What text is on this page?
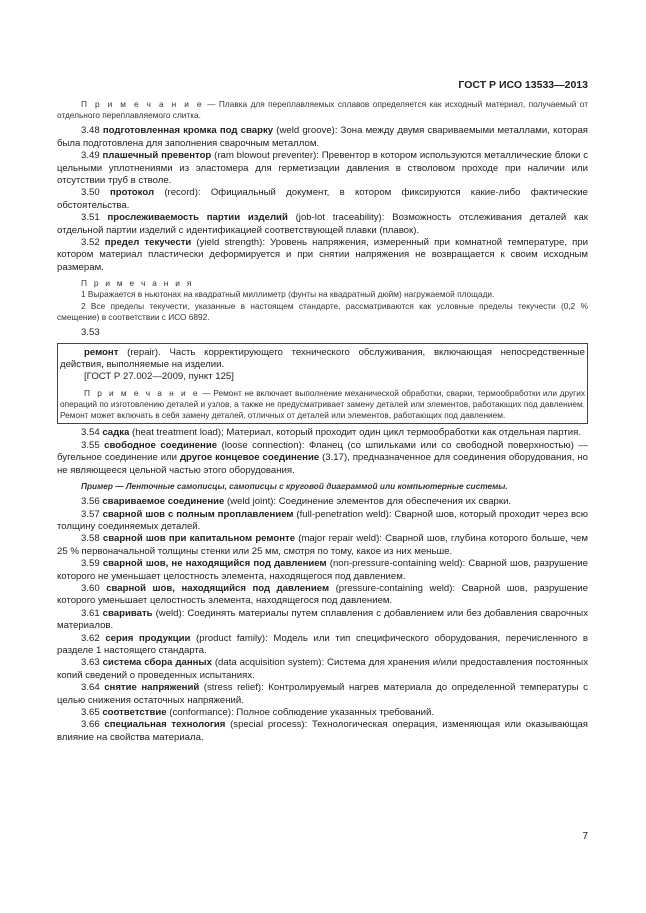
ГОСТ Р ИСО 13533—2013

П р и м е ч а н и е — Плавка для переплавляемых сплавов определяется как исходный материал, получаемый от отдельного переплавляемого слитка.

3.48 подготовленная кромка под сварку (weld groove): Зона между двумя свариваемыми металлами, которая была подготовлена для заполнения сварочным металлом.

3.49 плашечный превентор (ram blowout preventer): Превентор в котором используются металлические блоки с цельными уплотнениями из эластомера для герметизации давления в стволовом проходе при наличии или отсутствии труб в стволе.

3.50 протокол (record): Официальный документ, в котором фиксируются какие-либо фактические обстоятельства.

3.51 прослеживаемость партии изделий (job-lot traceability): Возможность отслеживания деталей как отдельной партии изделий с идентификацией соответствующей плавки (плавок).

3.52 предел текучести (yield strength): Уровень напряжения, измеренный при комнатной температуре, при котором материал пластически деформируется и при снятии напряжения не возвращается к своим исходным размерам.

П р и м е ч а н и я

1 Выражается в ньютонах на квадратный миллиметр (фунты на квадратный дюйм) нагружаемой площади.

2 Все пределы текучести, указанные в настоящем стандарте, рассматриваются как условные пределы текучести (0,2 % смещение) в соответствии с ИСО 6892.

3.53

ремонт (repair). Часть корректирующего технического обслуживания, включающая непосредственные действия, выполняемые на изделии.

[ГОСТ Р 27.002—2009, пункт 125]

П р и м е ч а н и е — Ремонт не включает выполнение механической обработки, сварки, термообработки или других операций по изготовлению деталей и узлов, а также не предусматривает замену деталей или элементов, работающих под давлением. Ремонт может включать в себя замену деталей, отличных от деталей или элементов, работающих под давлением.

3.54 садка (heat treatment load); Материал, который проходит один цикл термообработки как отдельная партия.

3.55 свободное соединение (loose connection): Фланец (со шпильками или со свободной поверхностью) — бугельное соединение или другое концевое соединение (3.17), предназначенное для соединения оборудования, но не являющееся цельной частью этого оборудования.

Пример — Ленточные самописцы, самописцы с круговой диаграммой или компьютерные системы.

3.56 свариваемое соединение (weld joint): Соединение элементов для обеспечения их сварки.

3.57 сварной шов с полным проплавлением (full-penetration weld): Сварной шов, который проходит через всю толщину соединяемых деталей.

3.58 сварной шов при капитальном ремонте (major repair weld): Сварной шов, глубина которого больше, чем 25 % первоначальной толщины стенки или 25 мм, смотря по тому, какое из них меньше.

3.59 сварной шов, не находящийся под давлением (non-pressure-containing weld): Сварной шов, разрушение которого не уменьшает целостность элемента, находящегося под давлением.

3.60 сварной шов, находящийся под давлением (pressure-containing weld): Сварной шов, разрушение которого уменьшает целостность элемента, находящегося под давлением.

3.61 сваривать (weld): Соединять материалы путем сплавления с добавлением или без добавления сварочных материалов.

3.62 серия продукции (product family): Модель или тип специфического оборудования, перечисленного в разделе 1 настоящего стандарта.

3.63 система сбора данных (data acquisition system): Система для хранения и/или предоставления постоянных копий сведений о проведенных испытаниях.

3.64 снятие напряжений (stress relief): Контролируемый нагрев материала до определенной температуры с целью снижения остаточных напряжений.

3.65 соответствие (conformance): Полное соблюдение указанных требований.

3.66 специальная технология (special process): Технологическая операция, изменяющая или оказывающая влияние на свойства материала.

7
